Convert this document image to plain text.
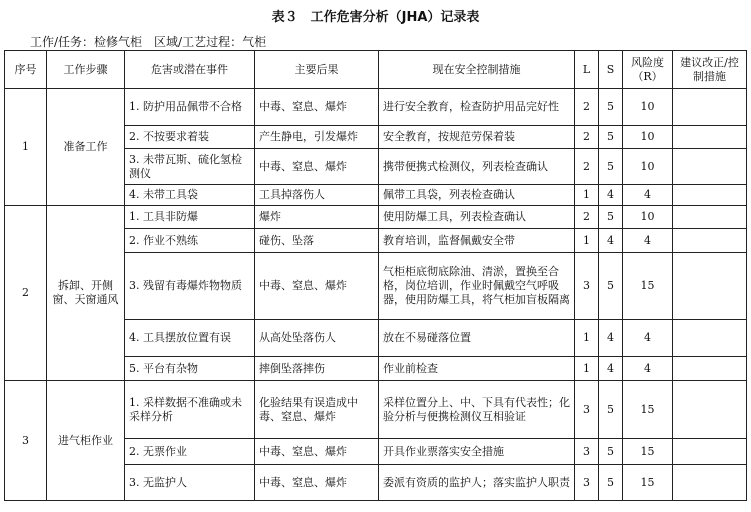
表３　工作危害分析（JHA）记录表
工作/任务：检修气柜　区域/工艺过程：气柜
序号	工作步骤	危害或潜在事件	主要后果	现在安全控制措施	L	S	风险度（R）	建议改正/控制措施
1	准备工作	1. 防护用品佩带不合格	中毒、窒息、爆炸	进行安全教育，检查防护用品完好性	2	5	10	
		2. 不按要求着装	产生静电，引发爆炸	安全教育，按规范劳保着装	2	5	10	
		3. 未带瓦斯、硫化氢检测仪	中毒、窒息、爆炸	携带便携式检测仪，列表检查确认	2	5	10	
		4. 未带工具袋	工具掉落伤人	佩带工具袋，列表检查确认	1	4	4	
2	拆卸、开侧窗、天窗通风	1. 工具非防爆	爆炸	使用防爆工具，列表检查确认	2	5	10	
		2. 作业不熟练	碰伤、坠落	教育培训，监督佩戴安全带	1	4	4	
		3. 残留有毒爆炸物物质	中毒、窒息、爆炸	气柜柜底彻底除油、清淤，置换至合格，岗位培训，作业时佩戴空气呼吸器，使用防爆工具，将气柜加盲板隔离	3	5	15	
		4. 工具摆放位置有误	从高处坠落伤人	放在不易碰落位置	1	4	4	
		5. 平台有杂物	摔倒坠落摔伤	作业前检查	1	4	4	
3	进气柜作业	1. 采样数据不准确或未采样分析	化验结果有误造成中毒、窒息、爆炸	采样位置分上、中、下具有代表性；化验分析与便携检测仪互相验证	3	5	15	
		2. 无票作业	中毒、窒息、爆炸	开具作业票落实安全措施	3	5	15	
		3. 无监护人	中毒、窒息、爆炸	委派有资质的监护人；落实监护人职责	3	5	15	
